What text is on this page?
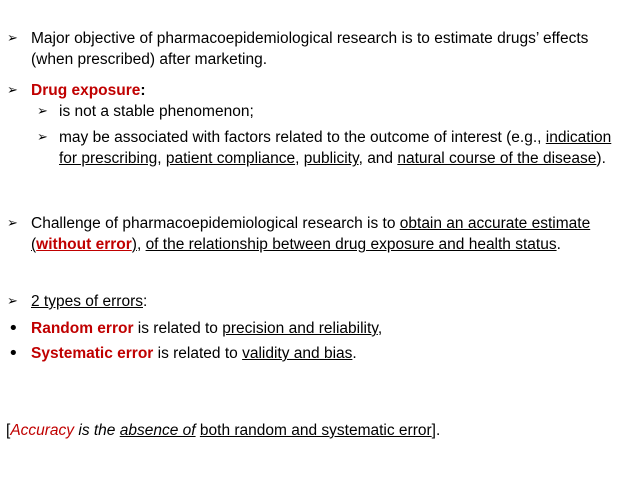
➢ Major objective of pharmacoepidemiological research is to estimate drugs’ effects (when prescribed) after marketing.
➢ Drug exposure:
➢ is not a stable phenomenon;
➢ may be associated with factors related to the outcome of interest (e.g., indication for prescribing, patient compliance, publicity, and natural course of the disease).
➢ Challenge of pharmacoepidemiological research is to obtain an accurate estimate (without error), of the relationship between drug exposure and health status.
➢ 2 types of errors:
• Random error is related to precision and reliability,
• Systematic error is related to validity and bias.
[Accuracy is the absence of both random and systematic error].
